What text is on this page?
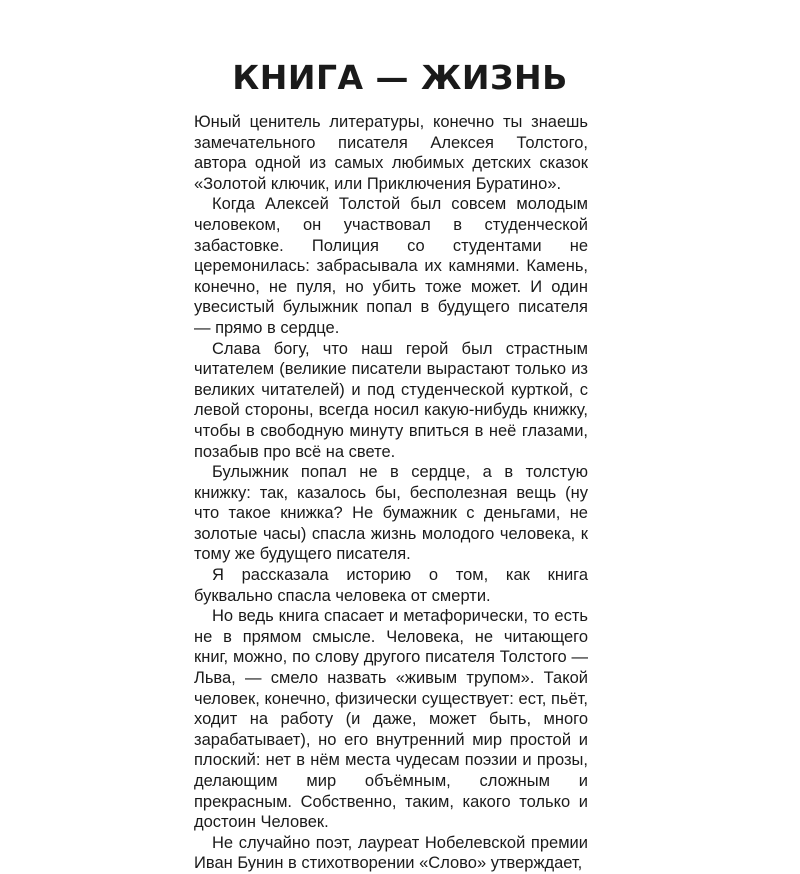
КНИГА — ЖИЗНЬ

Юный ценитель литературы, конечно ты знаешь замечательного писателя Алексея Толстого, автора одной из самых любимых детских сказок «Золотой ключик, или Приключения Буратино».

Когда Алексей Толстой был совсем молодым человеком, он участвовал в студенческой забастовке. Полиция со студентами не церемонилась: забрасывала их камнями. Камень, конечно, не пуля, но убить тоже может. И один увесистый булыжник попал в будущего писателя — прямо в сердце.

Слава богу, что наш герой был страстным читателем (великие писатели вырастают только из великих читателей) и под студенческой курткой, с левой стороны, всегда носил какую-нибудь книжку, чтобы в свободную минуту впиться в неё глазами, позабыв про всё на свете.

Булыжник попал не в сердце, а в толстую книжку: так, казалось бы, бесполезная вещь (ну что такое книжка? Не бумажник с деньгами, не золотые часы) спасла жизнь молодого человека, к тому же будущего писателя.

Я рассказала историю о том, как книга буквально спасла человека от смерти.

Но ведь книга спасает и метафорически, то есть не в прямом смысле. Человека, не читающего книг, можно, по слову другого писателя Толстого — Льва, — смело назвать «живым трупом». Такой человек, конечно, физически существует: ест, пьёт, ходит на работу (и даже, может быть, много зарабатывает), но его внутренний мир простой и плоский: нет в нём места чудесам поэзии и прозы, делающим мир объёмным, сложным и прекрасным. Собственно, таким, какого только и достоин Человек.

Не случайно поэт, лауреат Нобелевской премии Иван Бунин в стихотворении «Слово» утверждает,
